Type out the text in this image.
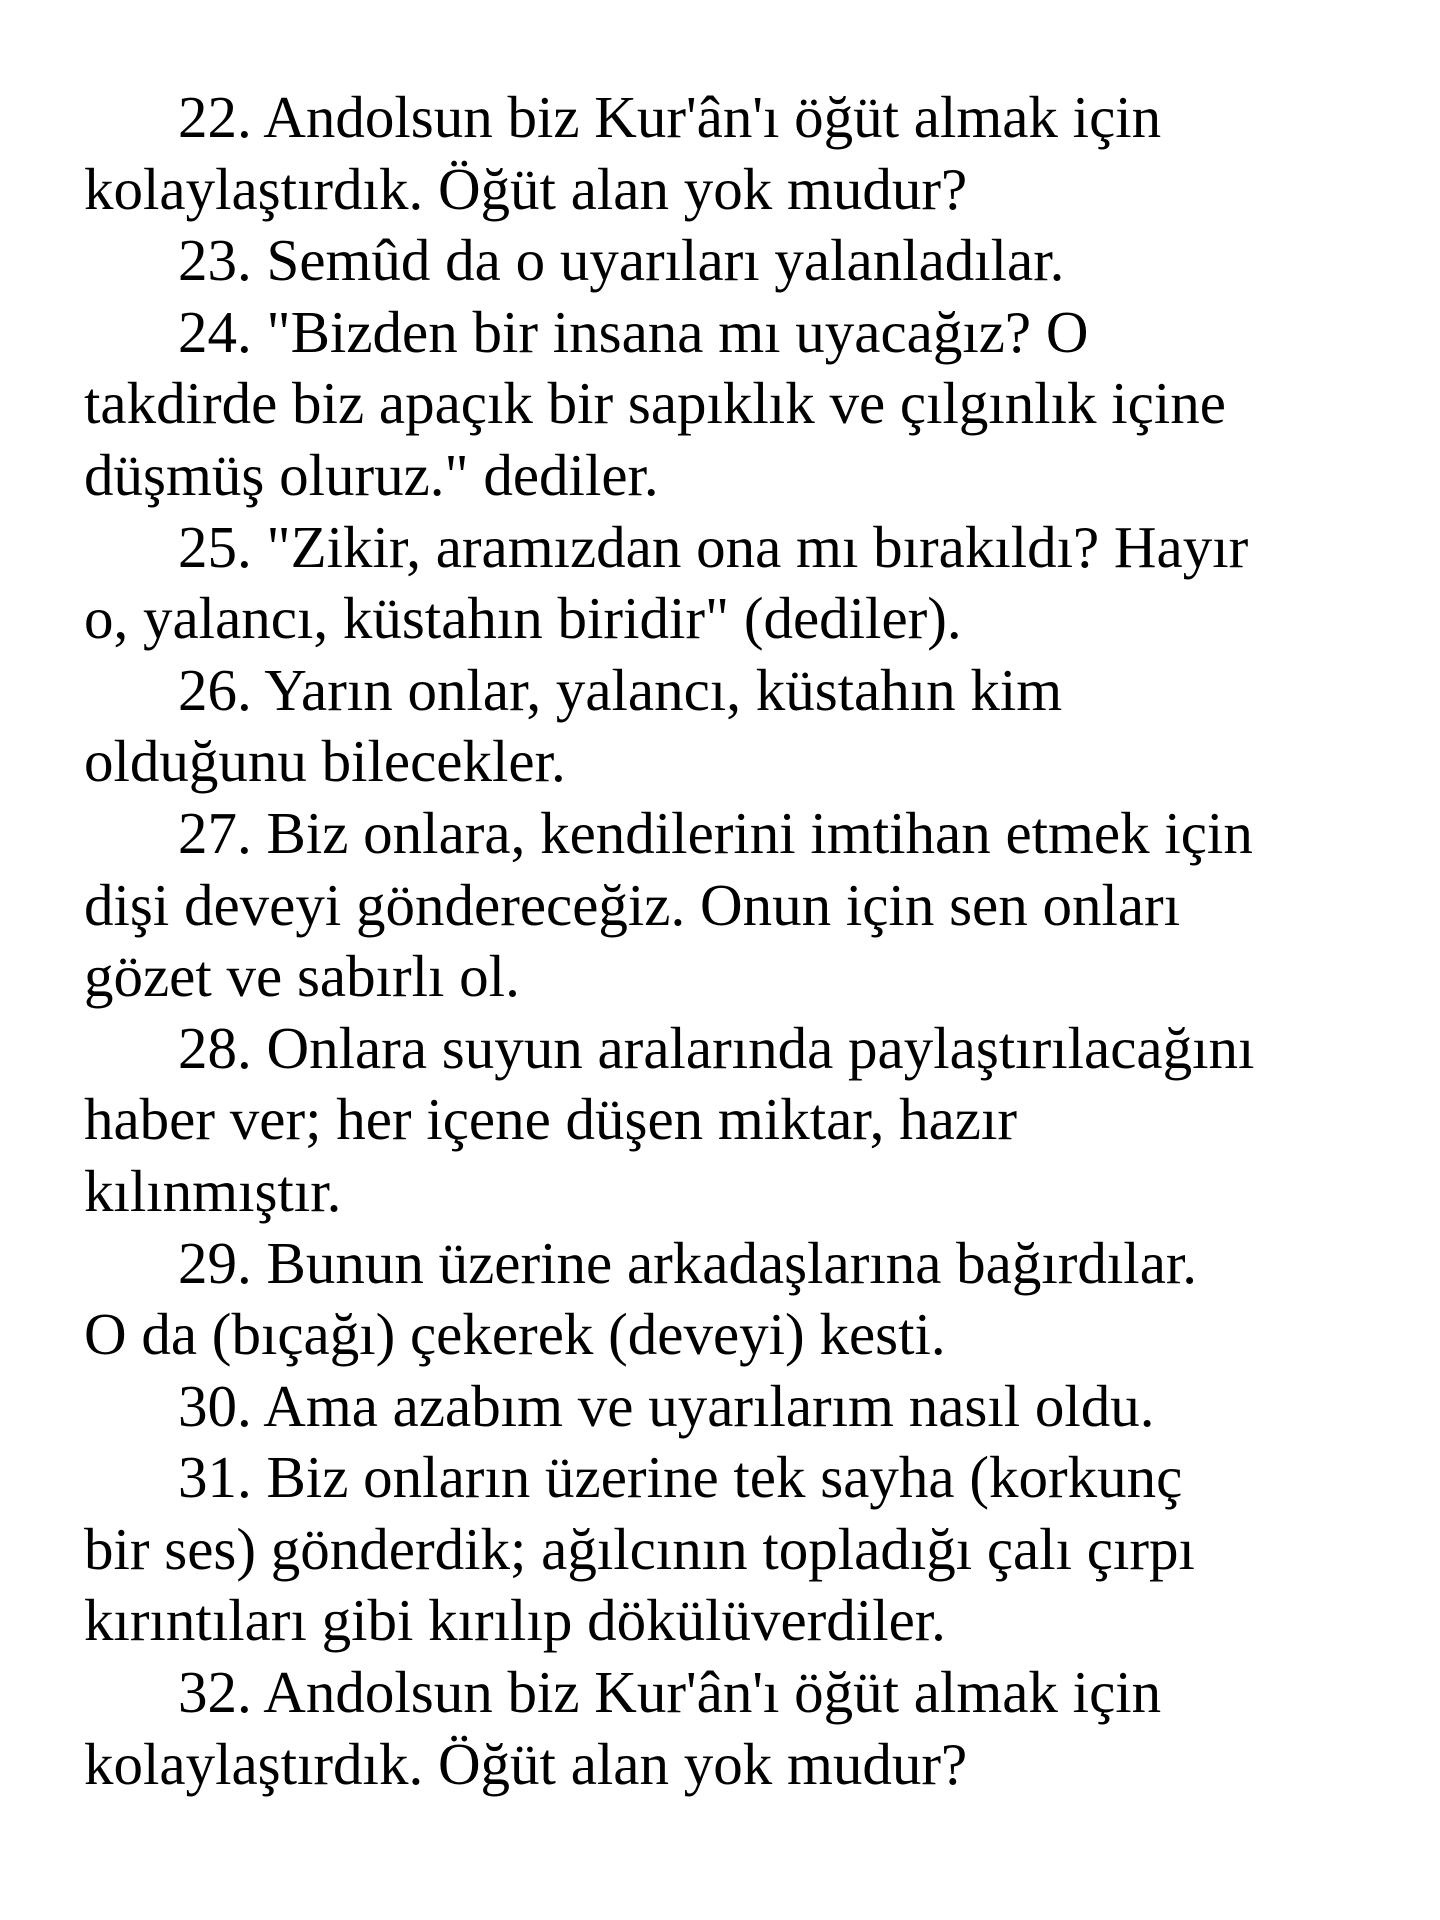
22. Andolsun biz Kur'ân'ı öğüt almak için
kolaylaştırdık. Öğüt alan yok mudur?

23. Semûd da o uyarıları yalanladılar.

24. "Bizden bir insana mı uyacağız? O
takdirde biz apaçık bir sapıklık ve çılgınlık içine
düşmüş oluruz." dediler.

25. "Zikir, aramızdan ona mı bırakıldı? Hayır
o, yalancı, küstahın biridir" (dediler).

26. Yarın onlar, yalancı, küstahın kim
olduğunu bilecekler.

27. Biz onlara, kendilerini imtihan etmek için
dişi deveyi göndereceğiz. Onun için sen onları
gözet ve sabırlı ol.

28. Onlara suyun aralarında paylaştırılacağını
haber ver; her içene düşen miktar, hazır
kılınmıştır.

29. Bunun üzerine arkadaşlarına bağırdılar.
O da (bıçağı) çekerek (deveyi) kesti.

30. Ama azabım ve uyarılarım nasıl oldu.

31. Biz onların üzerine tek sayha (korkunç
bir ses) gönderdik; ağılcının topladığı çalı çırpı
kırıntıları gibi kırılıp dökülüverdiler.

32. Andolsun biz Kur'ân'ı öğüt almak için
kolaylaştırdık. Öğüt alan yok mudur?
